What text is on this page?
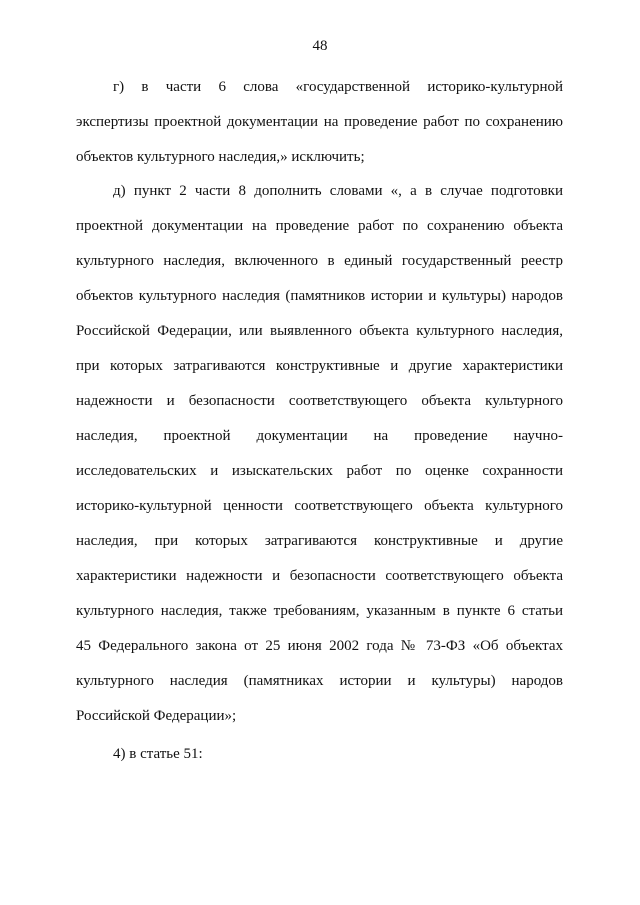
48
г) в части 6 слова «государственной историко-культурной
экспертизы проектной документации на проведение работ по сохранению
объектов культурного наследия,» исключить;
д) пункт 2 части 8 дополнить словами «, а в случае подготовки
проектной документации на проведение работ по сохранению объекта
культурного наследия, включенного в единый государственный реестр
объектов культурного наследия (памятников истории и культуры) народов
Российской Федерации, или выявленного объекта культурного наследия,
при которых затрагиваются конструктивные и другие характеристики
надежности и безопасности соответствующего объекта культурного
наследия, проектной документации на проведение научно-
исследовательских и изыскательских работ по оценке сохранности
историко-культурной ценности соответствующего объекта культурного
наследия, при которых затрагиваются конструктивные и другие
характеристики надежности и безопасности соответствующего объекта
культурного наследия, также требованиям, указанным в пункте 6 статьи
45 Федерального закона от 25 июня 2002 года № 73-ФЗ «Об объектах
культурного наследия (памятниках истории и культуры) народов
Российской Федерации»;
4) в статье 51:
